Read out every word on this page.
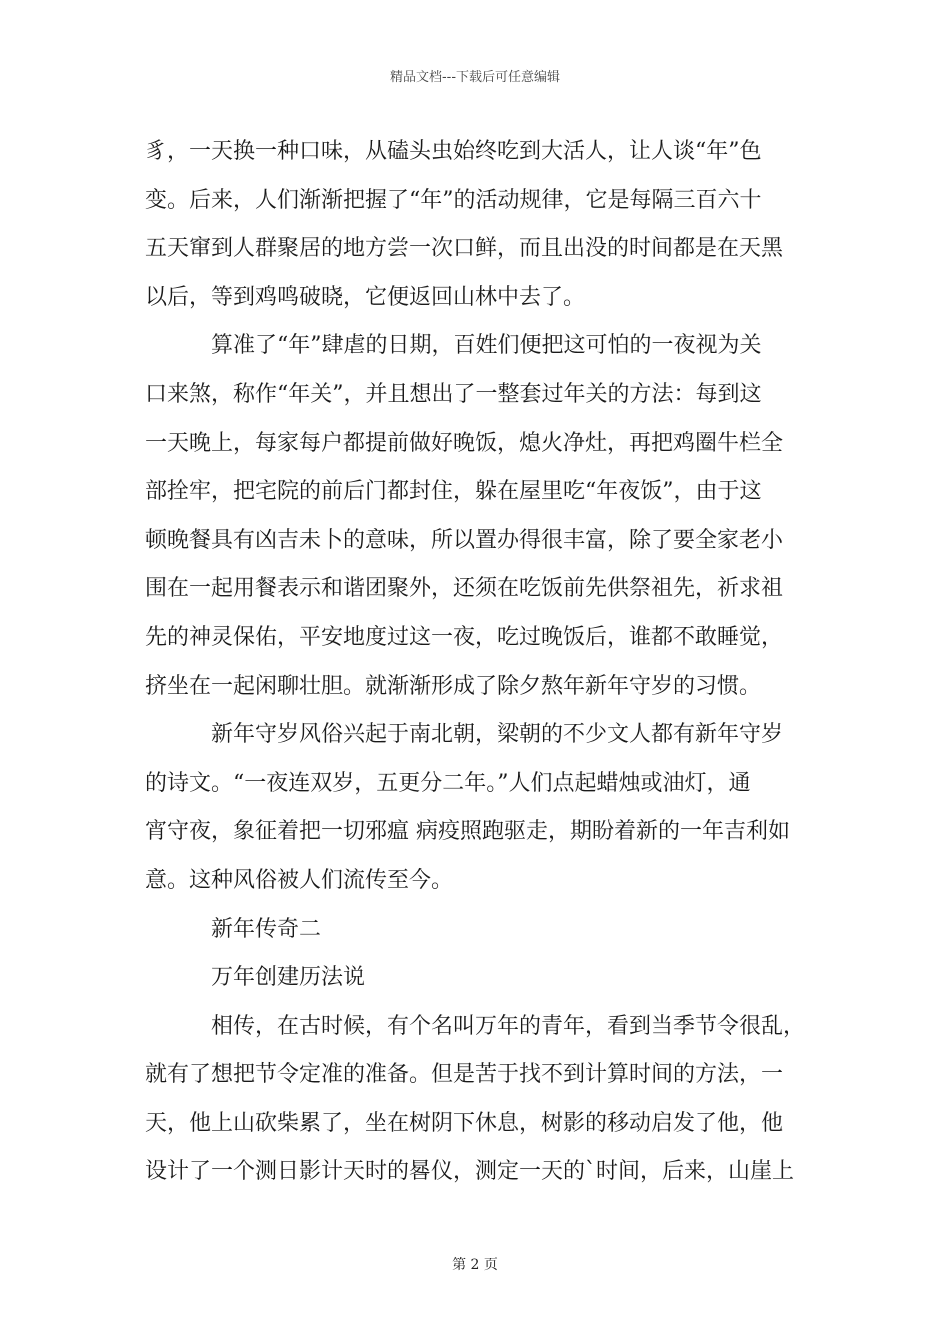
精品文档---下载后可任意编辑
豸，一天换一种口味，从磕头虫始终吃到大活人，让人谈“年”色
变。后来，人们渐渐把握了“年”的活动规律，它是每隔三百六十
五天窜到人群聚居的地方尝一次口鲜，而且出没的时间都是在天黑
以后，等到鸡鸣破晓，它便返回山林中去了。
　　　算准了“年”肆虐的日期，百姓们便把这可怕的一夜视为关
口来煞，称作“年关”，并且想出了一整套过年关的方法：每到这
一天晚上，每家每户都提前做好晚饭，熄火净灶，再把鸡圈牛栏全
部拴牢，把宅院的前后门都封住，躲在屋里吃“年夜饭”，由于这
顿晚餐具有凶吉未卜的意味，所以置办得很丰富，除了要全家老小
围在一起用餐表示和谐团聚外，还须在吃饭前先供祭祖先，祈求祖
先的神灵保佑，平安地度过这一夜，吃过晚饭后，谁都不敢睡觉，
挤坐在一起闲聊壮胆。就渐渐形成了除夕熬年新年守岁的习惯。
　　　新年守岁风俗兴起于南北朝，梁朝的不少文人都有新年守岁
的诗文。“一夜连双岁，五更分二年。”人们点起蜡烛或油灯，通
宵守夜，象征着把一切邪瘟 病疫照跑驱走，期盼着新的一年吉利如
意。这种风俗被人们流传至今。
　　　新年传奇二
　　　万年创建历法说
　　　相传，在古时候，有个名叫万年的青年，看到当季节令很乱，
就有了想把节令定准的准备。但是苦于找不到计算时间的方法，一
天，他上山砍柴累了，坐在树阴下休息，树影的移动启发了他，他
设计了一个测日影计天时的晷仪，测定一天的`时间，后来，山崖上
第 2 页
